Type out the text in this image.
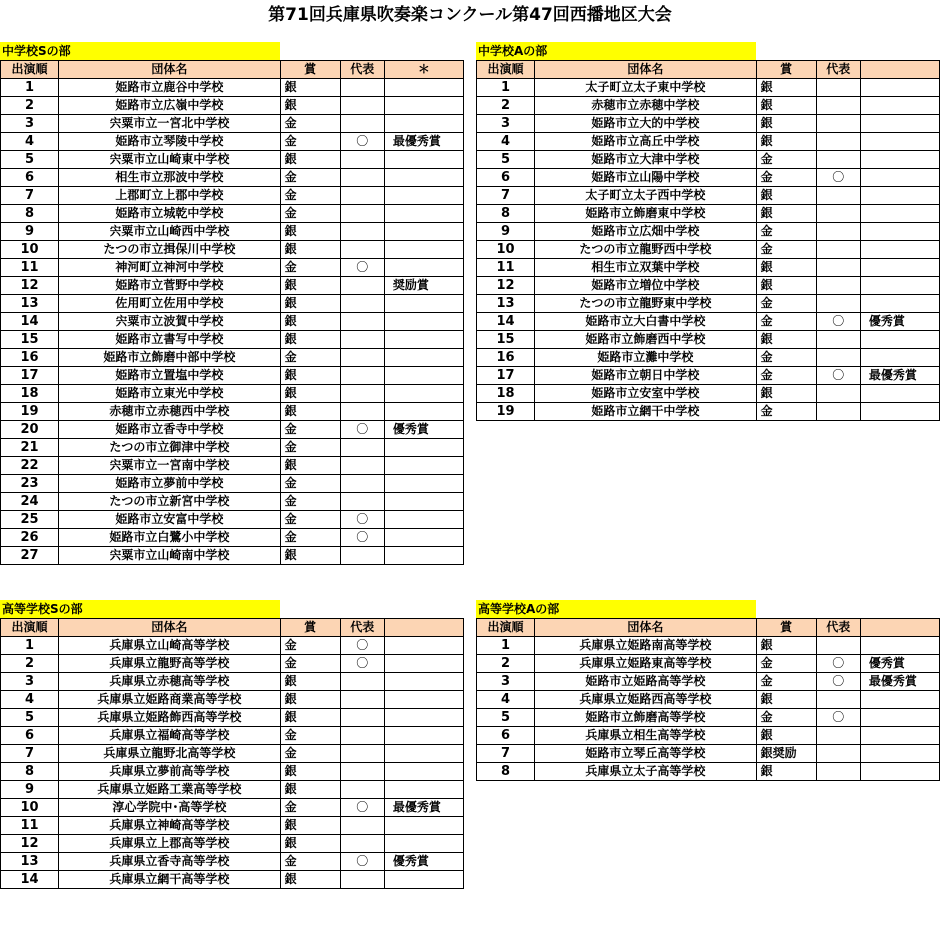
第71回兵庫県吹奏楽コンクール第47回西播地区大会
中学校Sの部
出演順	団体名	賞	代表	＊
1	姫路市立鹿谷中学校	銀		
2	姫路市立広嶺中学校	銀		
3	宍粟市立一宮北中学校	金		
4	姫路市立琴陵中学校	金	〇	最優秀賞
5	宍粟市立山崎東中学校	銀		
6	相生市立那波中学校	金		
7	上郡町立上郡中学校	金		
8	姫路市立城乾中学校	金		
9	宍粟市立山崎西中学校	銀		
10	たつの市立揖保川中学校	銀		
11	神河町立神河中学校	金	〇	
12	姫路市立菅野中学校	銀		奨励賞
13	佐用町立佐用中学校	銀		
14	宍粟市立波賀中学校	銀		
15	姫路市立書写中学校	銀		
16	姫路市立飾磨中部中学校	金		
17	姫路市立置塩中学校	銀		
18	姫路市立東光中学校	銀		
19	赤穂市立赤穂西中学校	銀		
20	姫路市立香寺中学校	金	〇	優秀賞
21	たつの市立御津中学校	金		
22	宍粟市立一宮南中学校	銀		
23	姫路市立夢前中学校	金		
24	たつの市立新宮中学校	金		
25	姫路市立安富中学校	金	〇	
26	姫路市立白鷺小中学校	金	〇	
27	宍粟市立山崎南中学校	銀		
中学校Aの部
出演順	団体名	賞	代表	
1	太子町立太子東中学校	銀		
2	赤穂市立赤穂中学校	銀		
3	姫路市立大的中学校	銀		
4	姫路市立高丘中学校	銀		
5	姫路市立大津中学校	金		
6	姫路市立山陽中学校	金	〇	
7	太子町立太子西中学校	銀		
8	姫路市立飾磨東中学校	銀		
9	姫路市立広畑中学校	金		
10	たつの市立龍野西中学校	金		
11	相生市立双葉中学校	銀		
12	姫路市立増位中学校	銀		
13	たつの市立龍野東中学校	金		
14	姫路市立大白書中学校	金	〇	優秀賞
15	姫路市立飾磨西中学校	銀		
16	姫路市立灘中学校	金		
17	姫路市立朝日中学校	金	〇	最優秀賞
18	姫路市立安室中学校	銀		
19	姫路市立網干中学校	金		
高等学校Sの部
出演順	団体名	賞	代表	
1	兵庫県立山崎高等学校	金	〇	
2	兵庫県立龍野高等学校	金	〇	
3	兵庫県立赤穂高等学校	銀		
4	兵庫県立姫路商業高等学校	銀		
5	兵庫県立姫路飾西高等学校	銀		
6	兵庫県立福崎高等学校	金		
7	兵庫県立龍野北高等学校	金		
8	兵庫県立夢前高等学校	銀		
9	兵庫県立姫路工業高等学校	銀		
10	淳心学院中･高等学校	金	〇	最優秀賞
11	兵庫県立神崎高等学校	銀		
12	兵庫県立上郡高等学校	銀		
13	兵庫県立香寺高等学校	金	〇	優秀賞
14	兵庫県立網干高等学校	銀		
高等学校Aの部
出演順	団体名	賞	代表	
1	兵庫県立姫路南高等学校	銀		
2	兵庫県立姫路東高等学校	金	〇	優秀賞
3	姫路市立姫路高等学校	金	〇	最優秀賞
4	兵庫県立姫路西高等学校	銀		
5	姫路市立飾磨高等学校	金	〇	
6	兵庫県立相生高等学校	銀		
7	姫路市立琴丘高等学校	銀奨励		
8	兵庫県立太子高等学校	銀		
